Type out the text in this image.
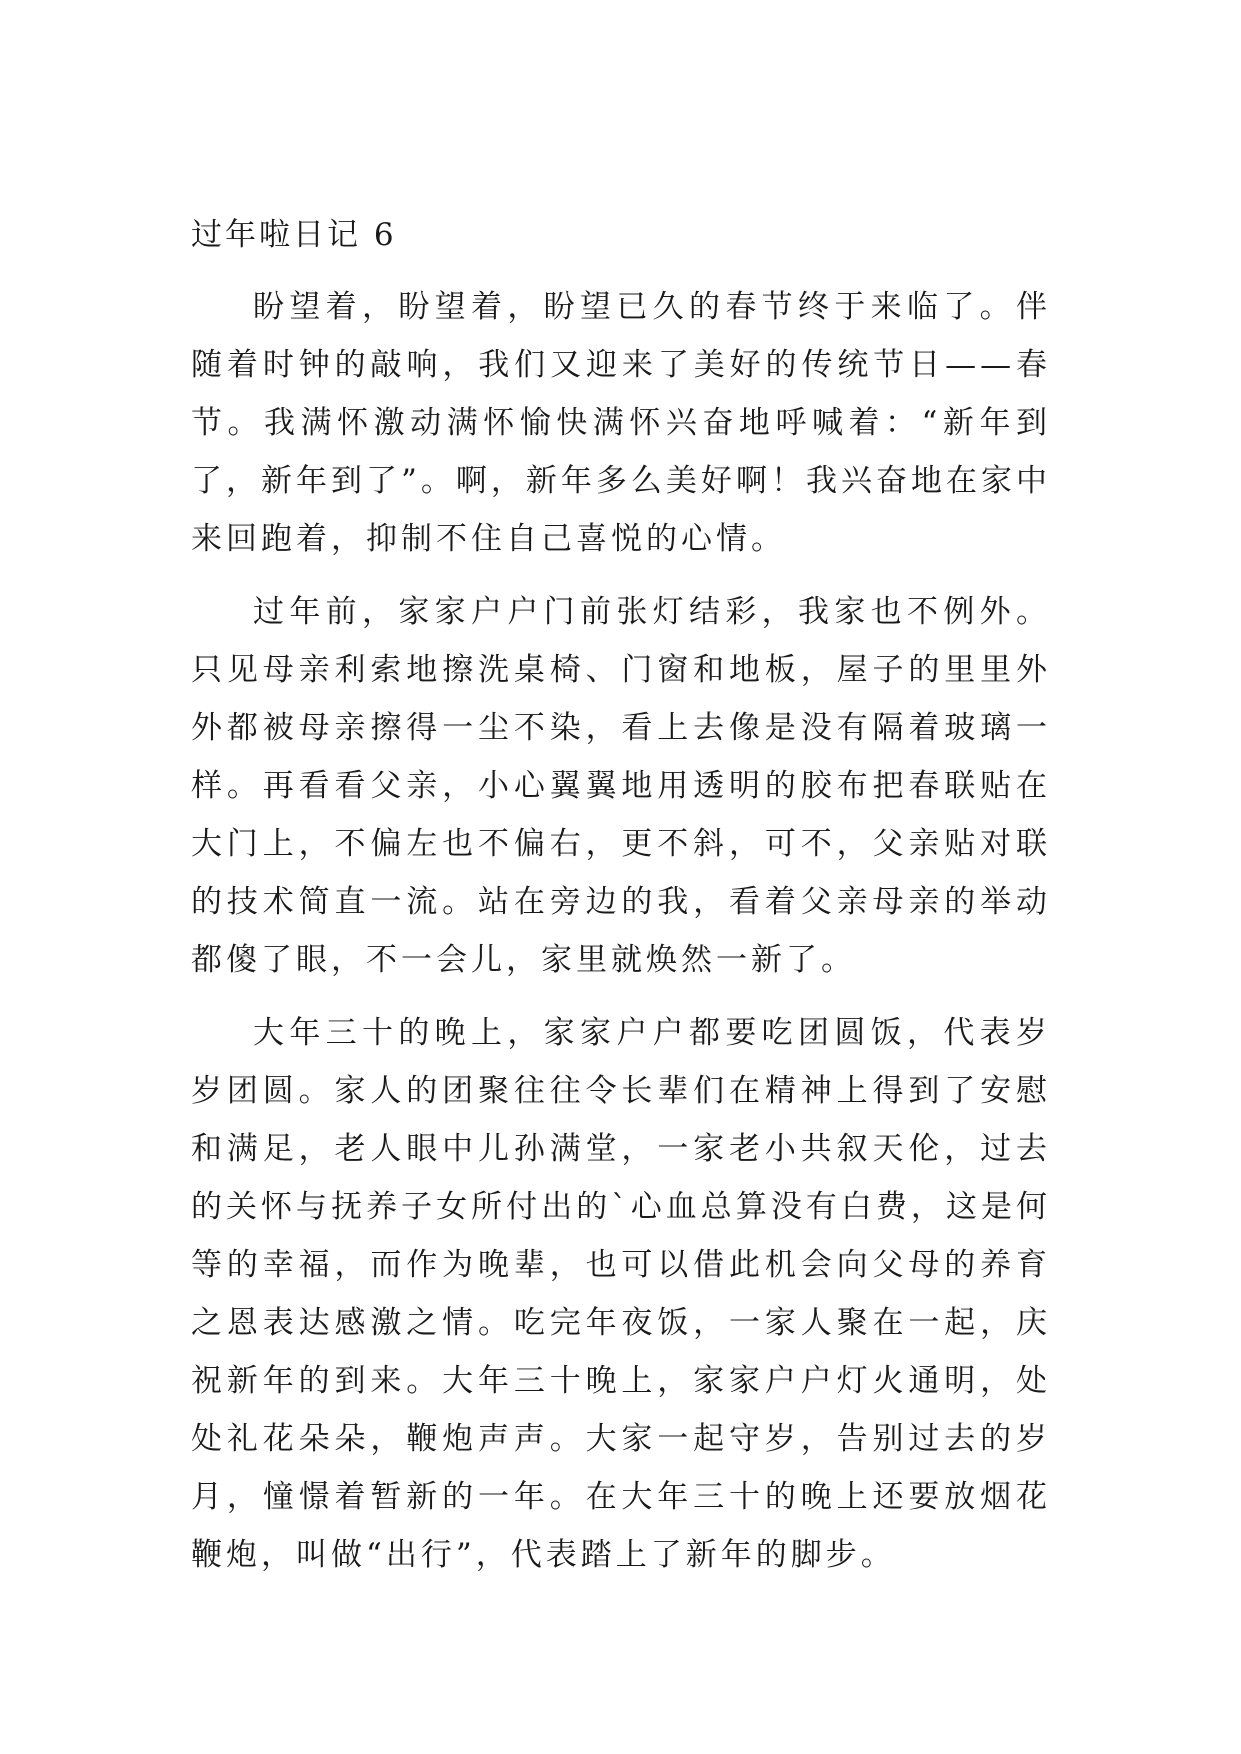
过年啦日记 6

盼望着，盼望着，盼望已久的春节终于来临了。伴随着时钟的敲响，我们又迎来了美好的传统节日——春节。我满怀激动满怀愉快满怀兴奋地呼喊着：“新年到了，新年到了”。啊，新年多么美好啊！我兴奋地在家中来回跑着，抑制不住自己喜悦的心情。

过年前，家家户户门前张灯结彩，我家也不例外。只见母亲利索地擦洗桌椅、门窗和地板，屋子的里里外外都被母亲擦得一尘不染，看上去像是没有隔着玻璃一样。再看看父亲，小心翼翼地用透明的胶布把春联贴在大门上，不偏左也不偏右，更不斜，可不，父亲贴对联的技术简直一流。站在旁边的我，看着父亲母亲的举动都傻了眼，不一会儿，家里就焕然一新了。

大年三十的晚上，家家户户都要吃团圆饭，代表岁岁团圆。家人的团聚往往令长辈们在精神上得到了安慰和满足，老人眼中儿孙满堂，一家老小共叙天伦，过去的关怀与抚养子女所付出的`心血总算没有白费，这是何等的幸福，而作为晚辈，也可以借此机会向父母的养育之恩表达感激之情。吃完年夜饭，一家人聚在一起，庆祝新年的到来。大年三十晚上，家家户户灯火通明，处处礼花朵朵，鞭炮声声。大家一起守岁，告别过去的岁月，憧憬着暂新的一年。在大年三十的晚上还要放烟花鞭炮，叫做“出行”，代表踏上了新年的脚步。
